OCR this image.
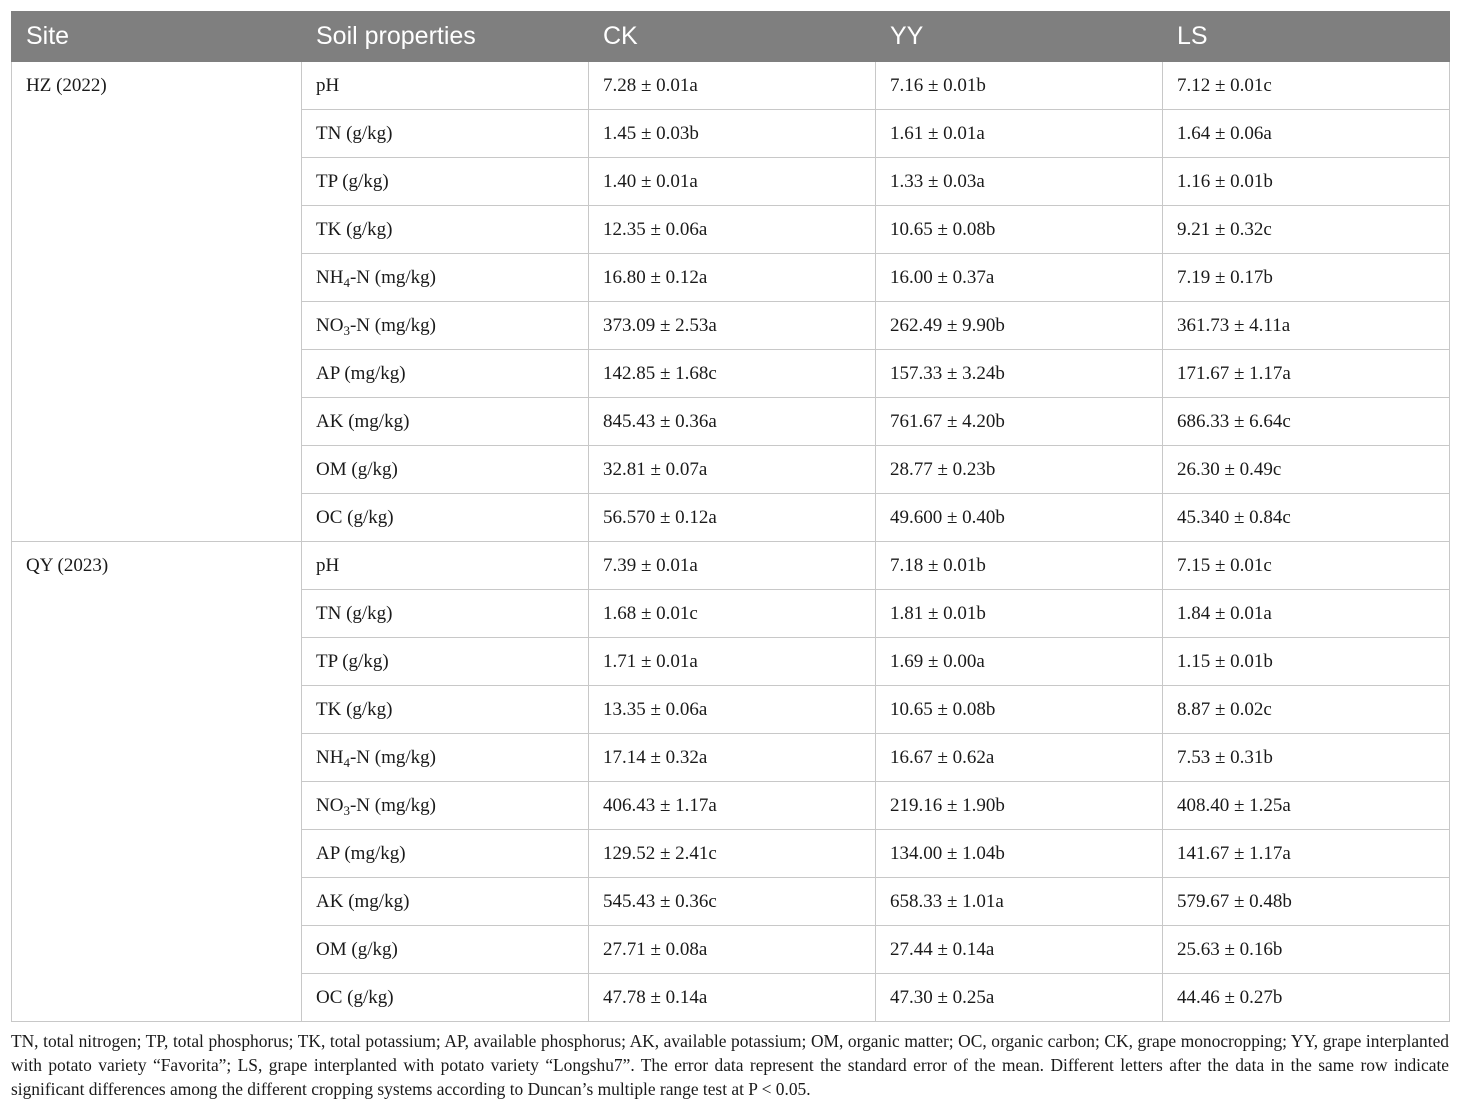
Site	Soil properties	CK	YY	LS
HZ (2022)	pH	7.28 ± 0.01a	7.16 ± 0.01b	7.12 ± 0.01c
	TN (g/kg)	1.45 ± 0.03b	1.61 ± 0.01a	1.64 ± 0.06a
	TP (g/kg)	1.40 ± 0.01a	1.33 ± 0.03a	1.16 ± 0.01b
	TK (g/kg)	12.35 ± 0.06a	10.65 ± 0.08b	9.21 ± 0.32c
	$NH_4-N$ (mg/kg)	16.80 ± 0.12a	16.00 ± 0.37a	7.19 ± 0.17b
	$NO_3-N$ (mg/kg)	373.09 ± 2.53a	262.49 ± 9.90b	361.73 ± 4.11a
	AP (mg/kg)	142.85 ± 1.68c	157.33 ± 3.24b	171.67 ± 1.17a
	AK (mg/kg)	845.43 ± 0.36a	761.67 ± 4.20b	686.33 ± 6.64c
	OM (g/kg)	32.81 ± 0.07a	28.77 ± 0.23b	26.30 ± 0.49c
	OC (g/kg)	56.570 ± 0.12a	49.600 ± 0.40b	45.340 ± 0.84c
QY (2023)	pH	7.39 ± 0.01a	7.18 ± 0.01b	7.15 ± 0.01c
	TN (g/kg)	1.68 ± 0.01c	1.81 ± 0.01b	1.84 ± 0.01a
	TP (g/kg)	1.71 ± 0.01a	1.69 ± 0.00a	1.15 ± 0.01b
	TK (g/kg)	13.35 ± 0.06a	10.65 ± 0.08b	8.87 ± 0.02c
	$NH_4-N$ (mg/kg)	17.14 ± 0.32a	16.67 ± 0.62a	7.53 ± 0.31b
	$NO_3-N$ (mg/kg)	406.43 ± 1.17a	219.16 ± 1.90b	408.40 ± 1.25a
	AP (mg/kg)	129.52 ± 2.41c	134.00 ± 1.04b	141.67 ± 1.17a
	AK (mg/kg)	545.43 ± 0.36c	658.33 ± 1.01a	579.67 ± 0.48b
	OM (g/kg)	27.71 ± 0.08a	27.44 ± 0.14a	25.63 ± 0.16b
	OC (g/kg)	47.78 ± 0.14a	47.30 ± 0.25a	44.46 ± 0.27b
TN, total nitrogen; TP, total phosphorus; TK, total potassium; AP, available phosphorus; AK, available potassium; OM, organic matter; OC, organic carbon; CK, grape monocropping; YY, grape interplanted with potato variety “Favorita”; LS, grape interplanted with potato variety “Longshu7”. The error data represent the standard error of the mean. Different letters after the data in the same row indicate significant differences among the different cropping systems according to Duncan’s multiple range test at P < 0.05.
